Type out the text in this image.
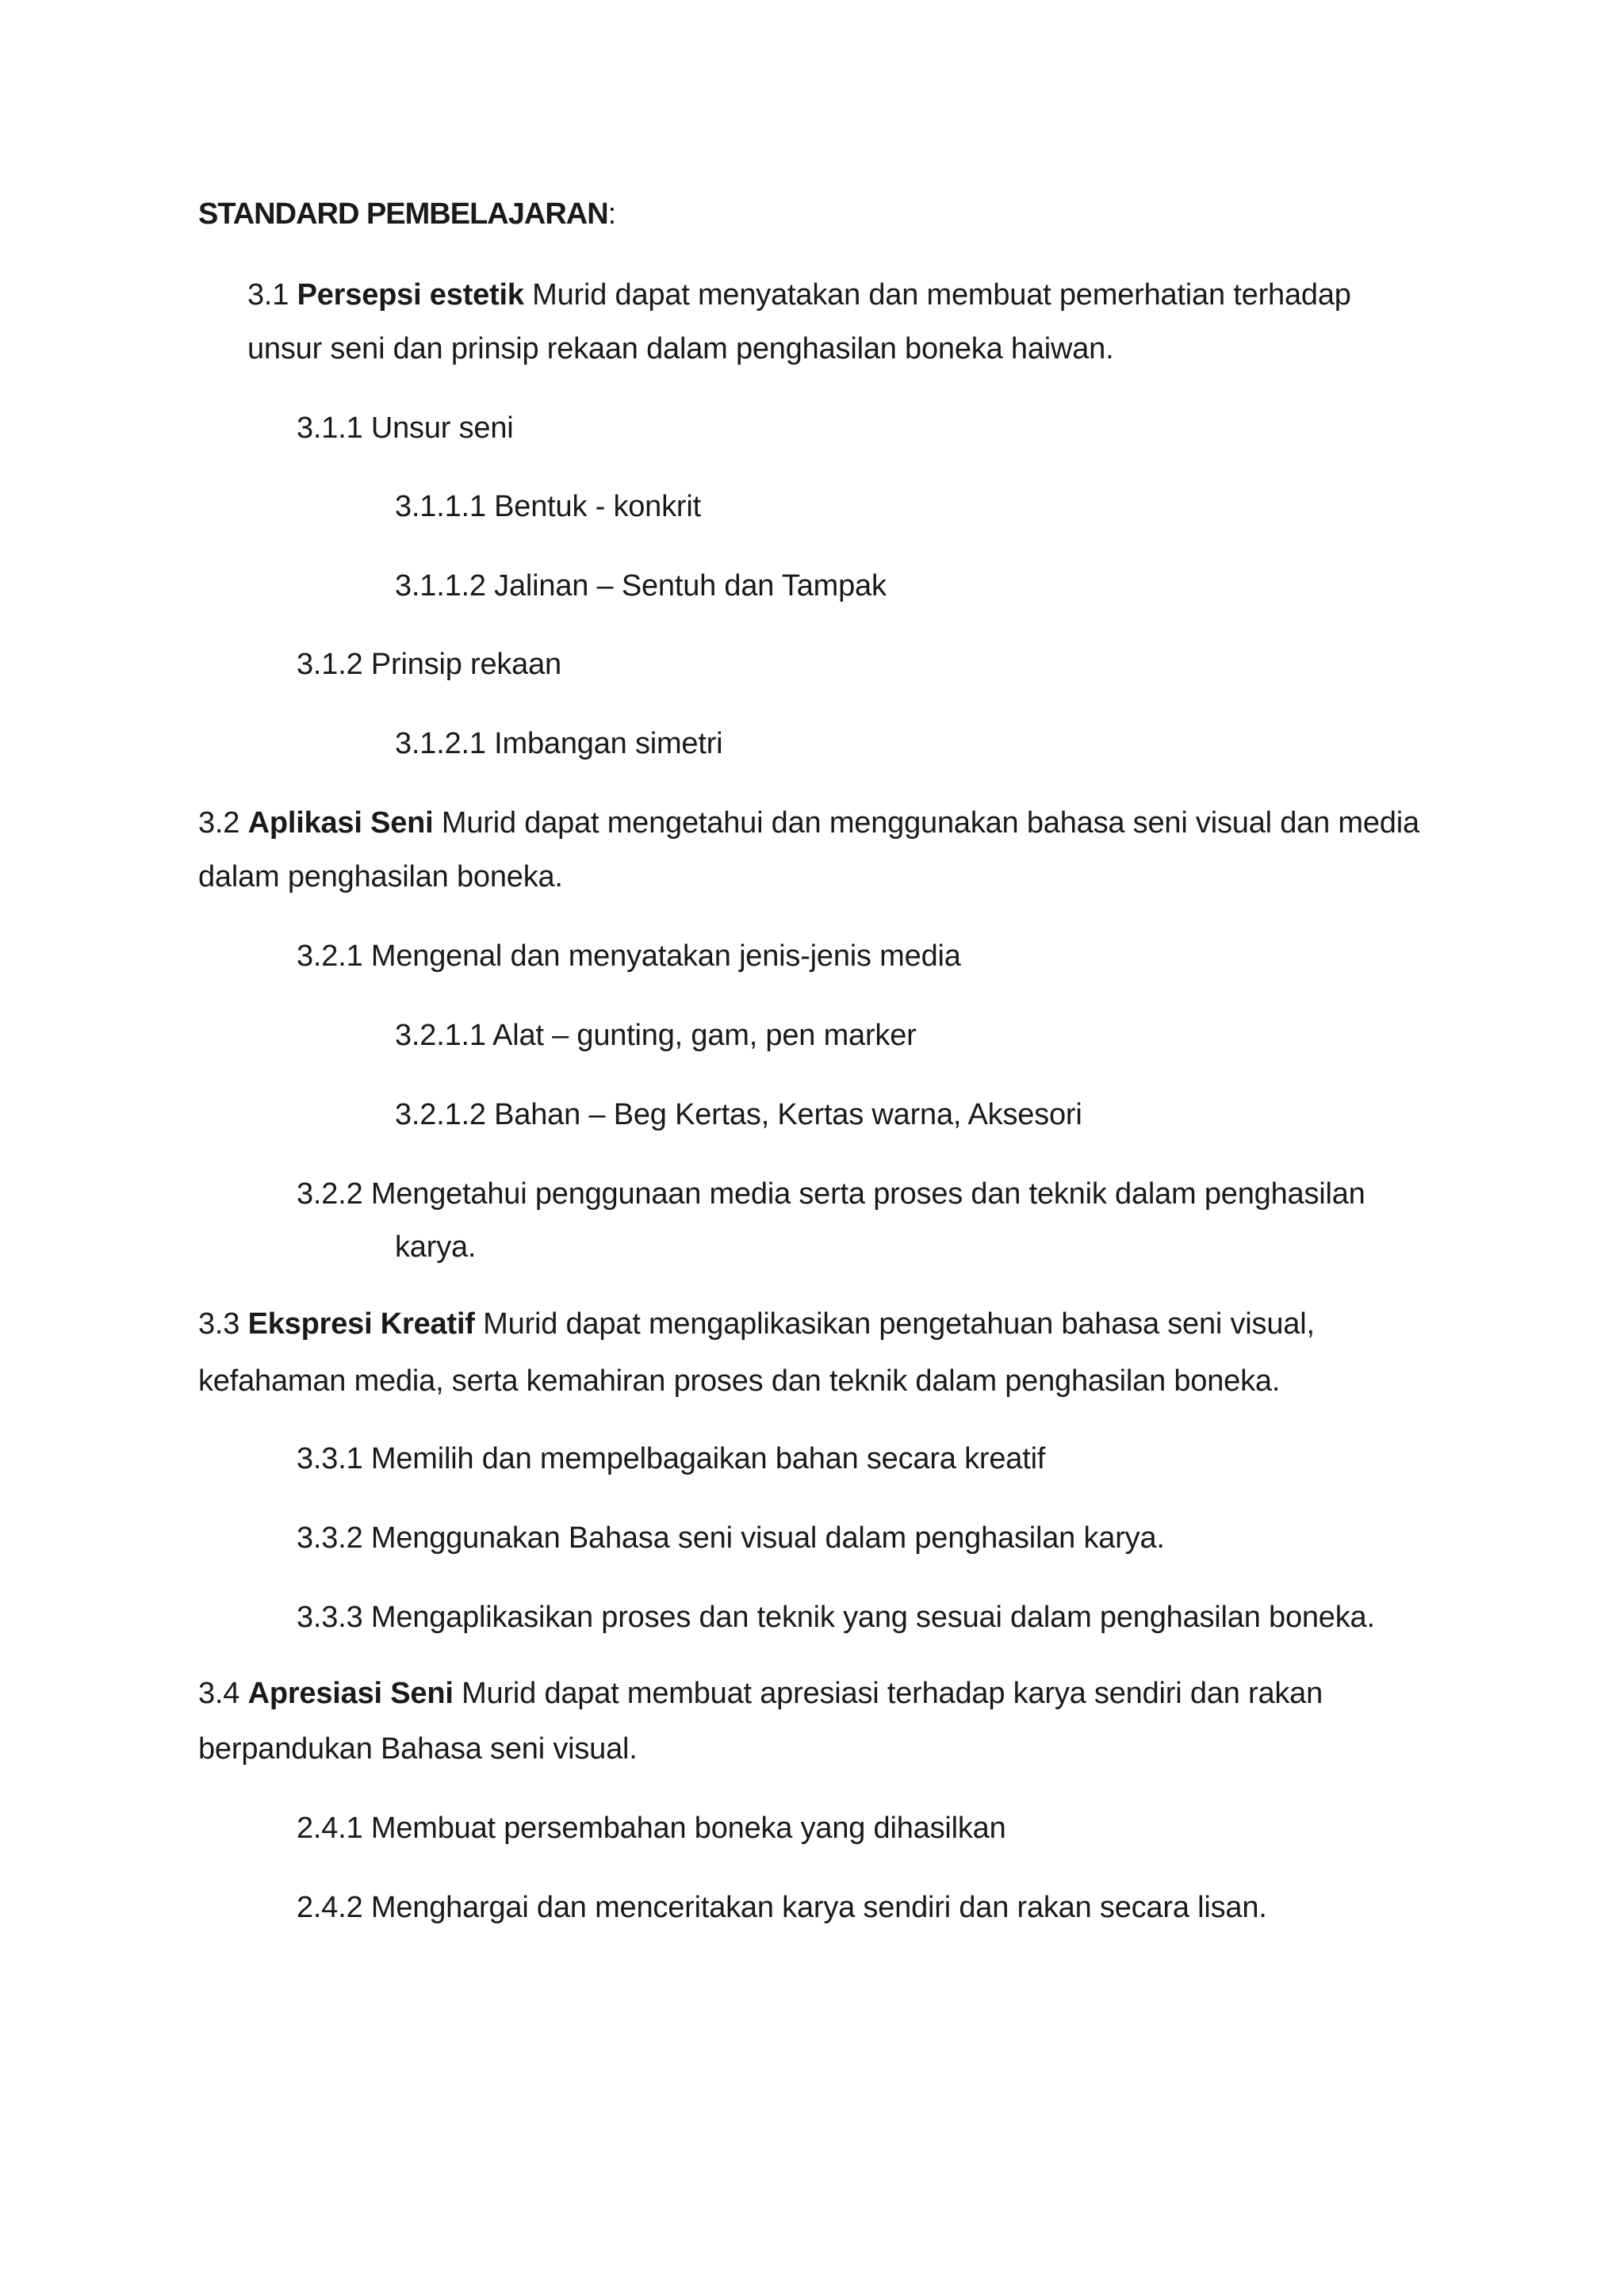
STANDARD PEMBELAJARAN:
3.1 Persepsi estetik Murid dapat menyatakan dan membuat pemerhatian terhadap
unsur seni dan prinsip rekaan dalam penghasilan boneka haiwan.
3.1.1 Unsur seni
3.1.1.1 Bentuk - konkrit
3.1.1.2 Jalinan – Sentuh dan Tampak
3.1.2 Prinsip rekaan
3.1.2.1 Imbangan simetri
3.2 Aplikasi Seni Murid dapat mengetahui dan menggunakan bahasa seni visual dan media
dalam penghasilan boneka.
3.2.1 Mengenal dan menyatakan jenis-jenis media
3.2.1.1 Alat – gunting, gam, pen marker
3.2.1.2 Bahan – Beg Kertas, Kertas warna, Aksesori
3.2.2 Mengetahui penggunaan media serta proses dan teknik dalam penghasilan
karya.
3.3 Ekspresi Kreatif Murid dapat mengaplikasikan pengetahuan bahasa seni visual,
kefahaman media, serta kemahiran proses dan teknik dalam penghasilan boneka.
3.3.1 Memilih dan mempelbagaikan bahan secara kreatif
3.3.2 Menggunakan Bahasa seni visual dalam penghasilan karya.
3.3.3 Mengaplikasikan proses dan teknik yang sesuai dalam penghasilan boneka.
3.4 Apresiasi Seni Murid dapat membuat apresiasi terhadap karya sendiri dan rakan
berpandukan Bahasa seni visual.
2.4.1 Membuat persembahan boneka yang dihasilkan
2.4.2 Menghargai dan menceritakan karya sendiri dan rakan secara lisan.
